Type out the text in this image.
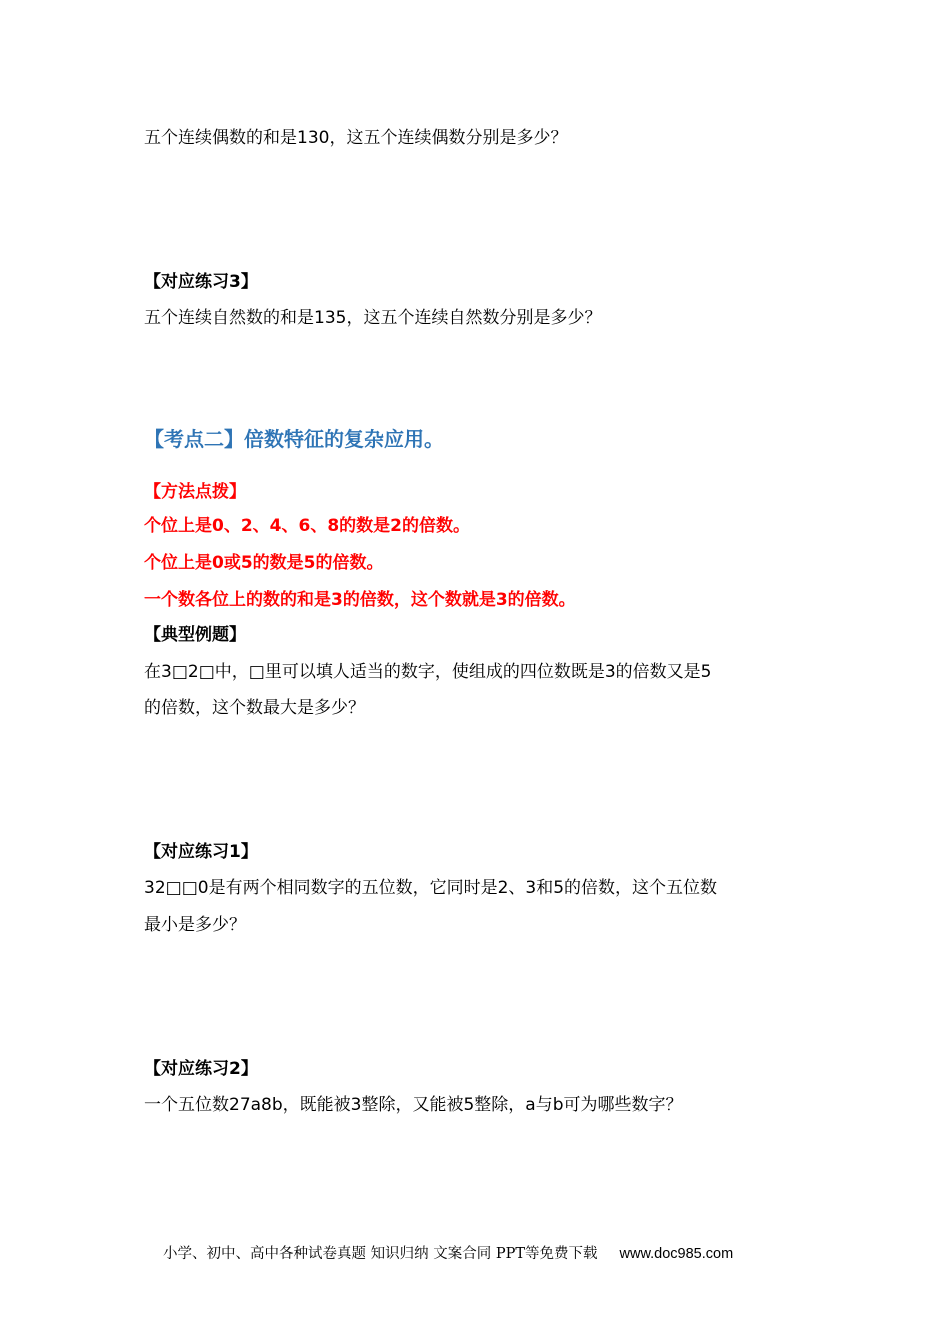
五个连续偶数的和是130，这五个连续偶数分别是多少？
【对应练习3】
五个连续自然数的和是135，这五个连续自然数分别是多少？
【考点二】倍数特征的复杂应用。
【方法点拨】
个位上是0、2、4、6、8的数是2的倍数。
个位上是0或5的数是5的倍数。
一个数各位上的数的和是3的倍数，这个数就是3的倍数。
【典型例题】
在3□2□中，□里可以填人适当的数字，使组成的四位数既是3的倍数又是5
的倍数，这个数最大是多少？
【对应练习1】
32□□0是有两个相同数字的五位数，它同时是2、3和5的倍数，这个五位数
最小是多少？
【对应练习2】
一个五位数27a8b，既能被3整除，又能被5整除，a与b可为哪些数字？
小学、初中、高中各种试卷真题 知识归纳 文案合同 PPT等免费下载 www.doc985.com
